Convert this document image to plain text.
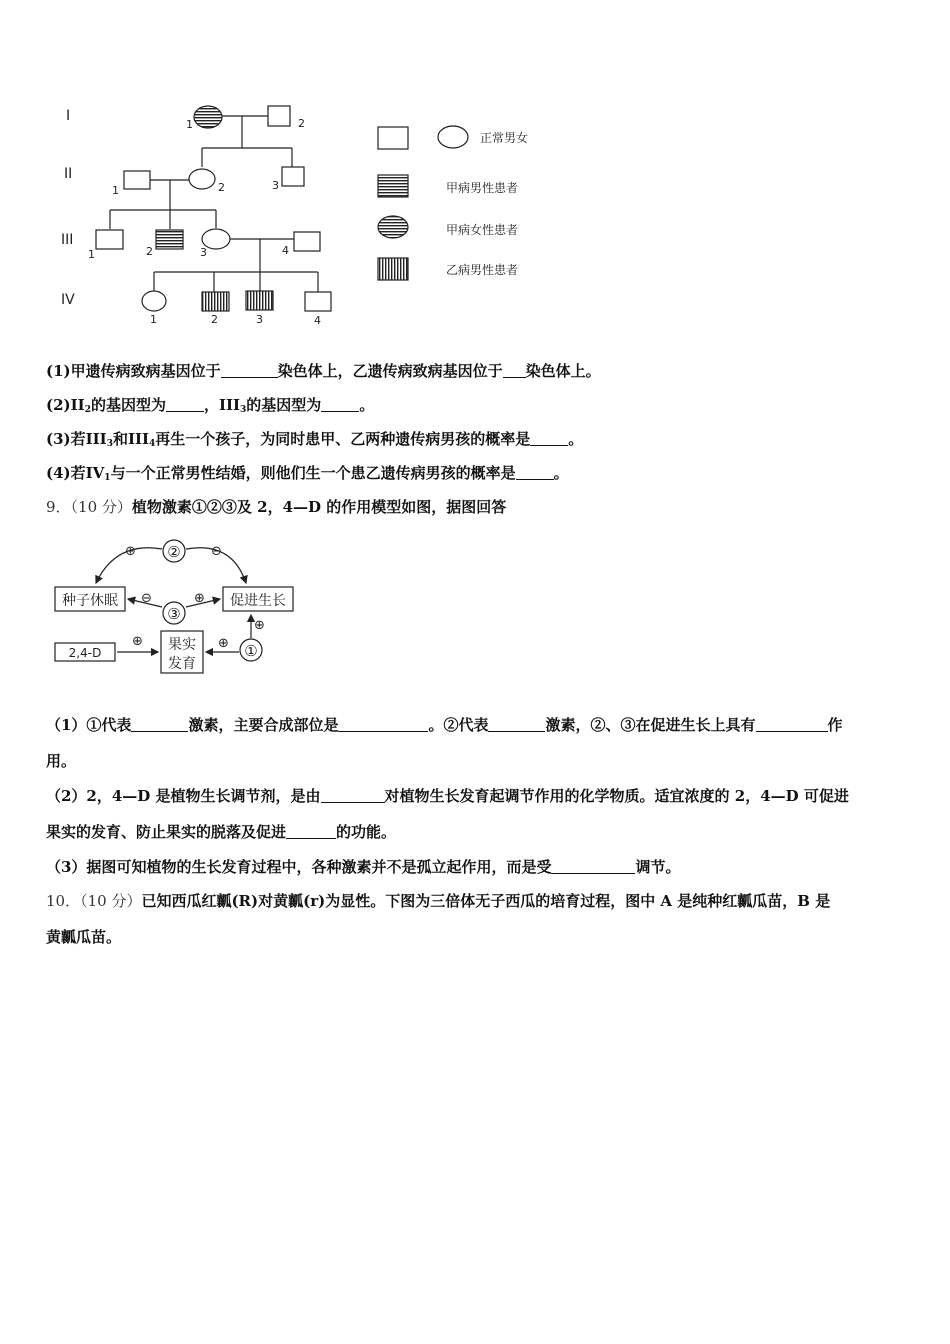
I
II
III
IV
1	2
1	2	3
1	2	3	4
1	2	3	4
正常男女
甲病男性患者
甲病女性患者
乙病男性患者
(1)甲遗传病致病基因位于	染色体上，乙遗传病致病基因位于 染色体上。
$(2)II_2$的基因型为	，$III_3$的基因型为	。
(3)若$III_3$和$III_4$再生一个孩子，为同时患甲、乙两种遗传病男孩的概率是	。
(4)若$IV_1$与一个正常男性结婚，则他们生一个患乙遗传病男孩的概率是	。
9．（10 分）植物激素①②③及 2，4—D 的作用模型如图，据图回答
②
⊕	⊖
种子休眠	促进生长
③
⊖	⊕
2,4-D
⊕ 果实
发育
①
⊕
⊕
（1）①代表	激素，主要合成部位是	。②代表	激素，②、③在促进生长上具有	作
用。
（2）2，4—D 是植物生长调节剂，是由	对植物生长发育起调节作用的化学物质。适宜浓度的 2，4—D 可促进
果实的发育、防止果实的脱落及促进	的功能。
（3）据图可知植物的生长发育过程中，各种激素并不是孤立起作用，而是受	调节。
10．（10 分）已知西瓜红瓤(R)对黄瓤(r)为显性。下图为三倍体无子西瓜的培育过程，图中 A 是纯种红瓤瓜苗，B 是
黄瓤瓜苗。
